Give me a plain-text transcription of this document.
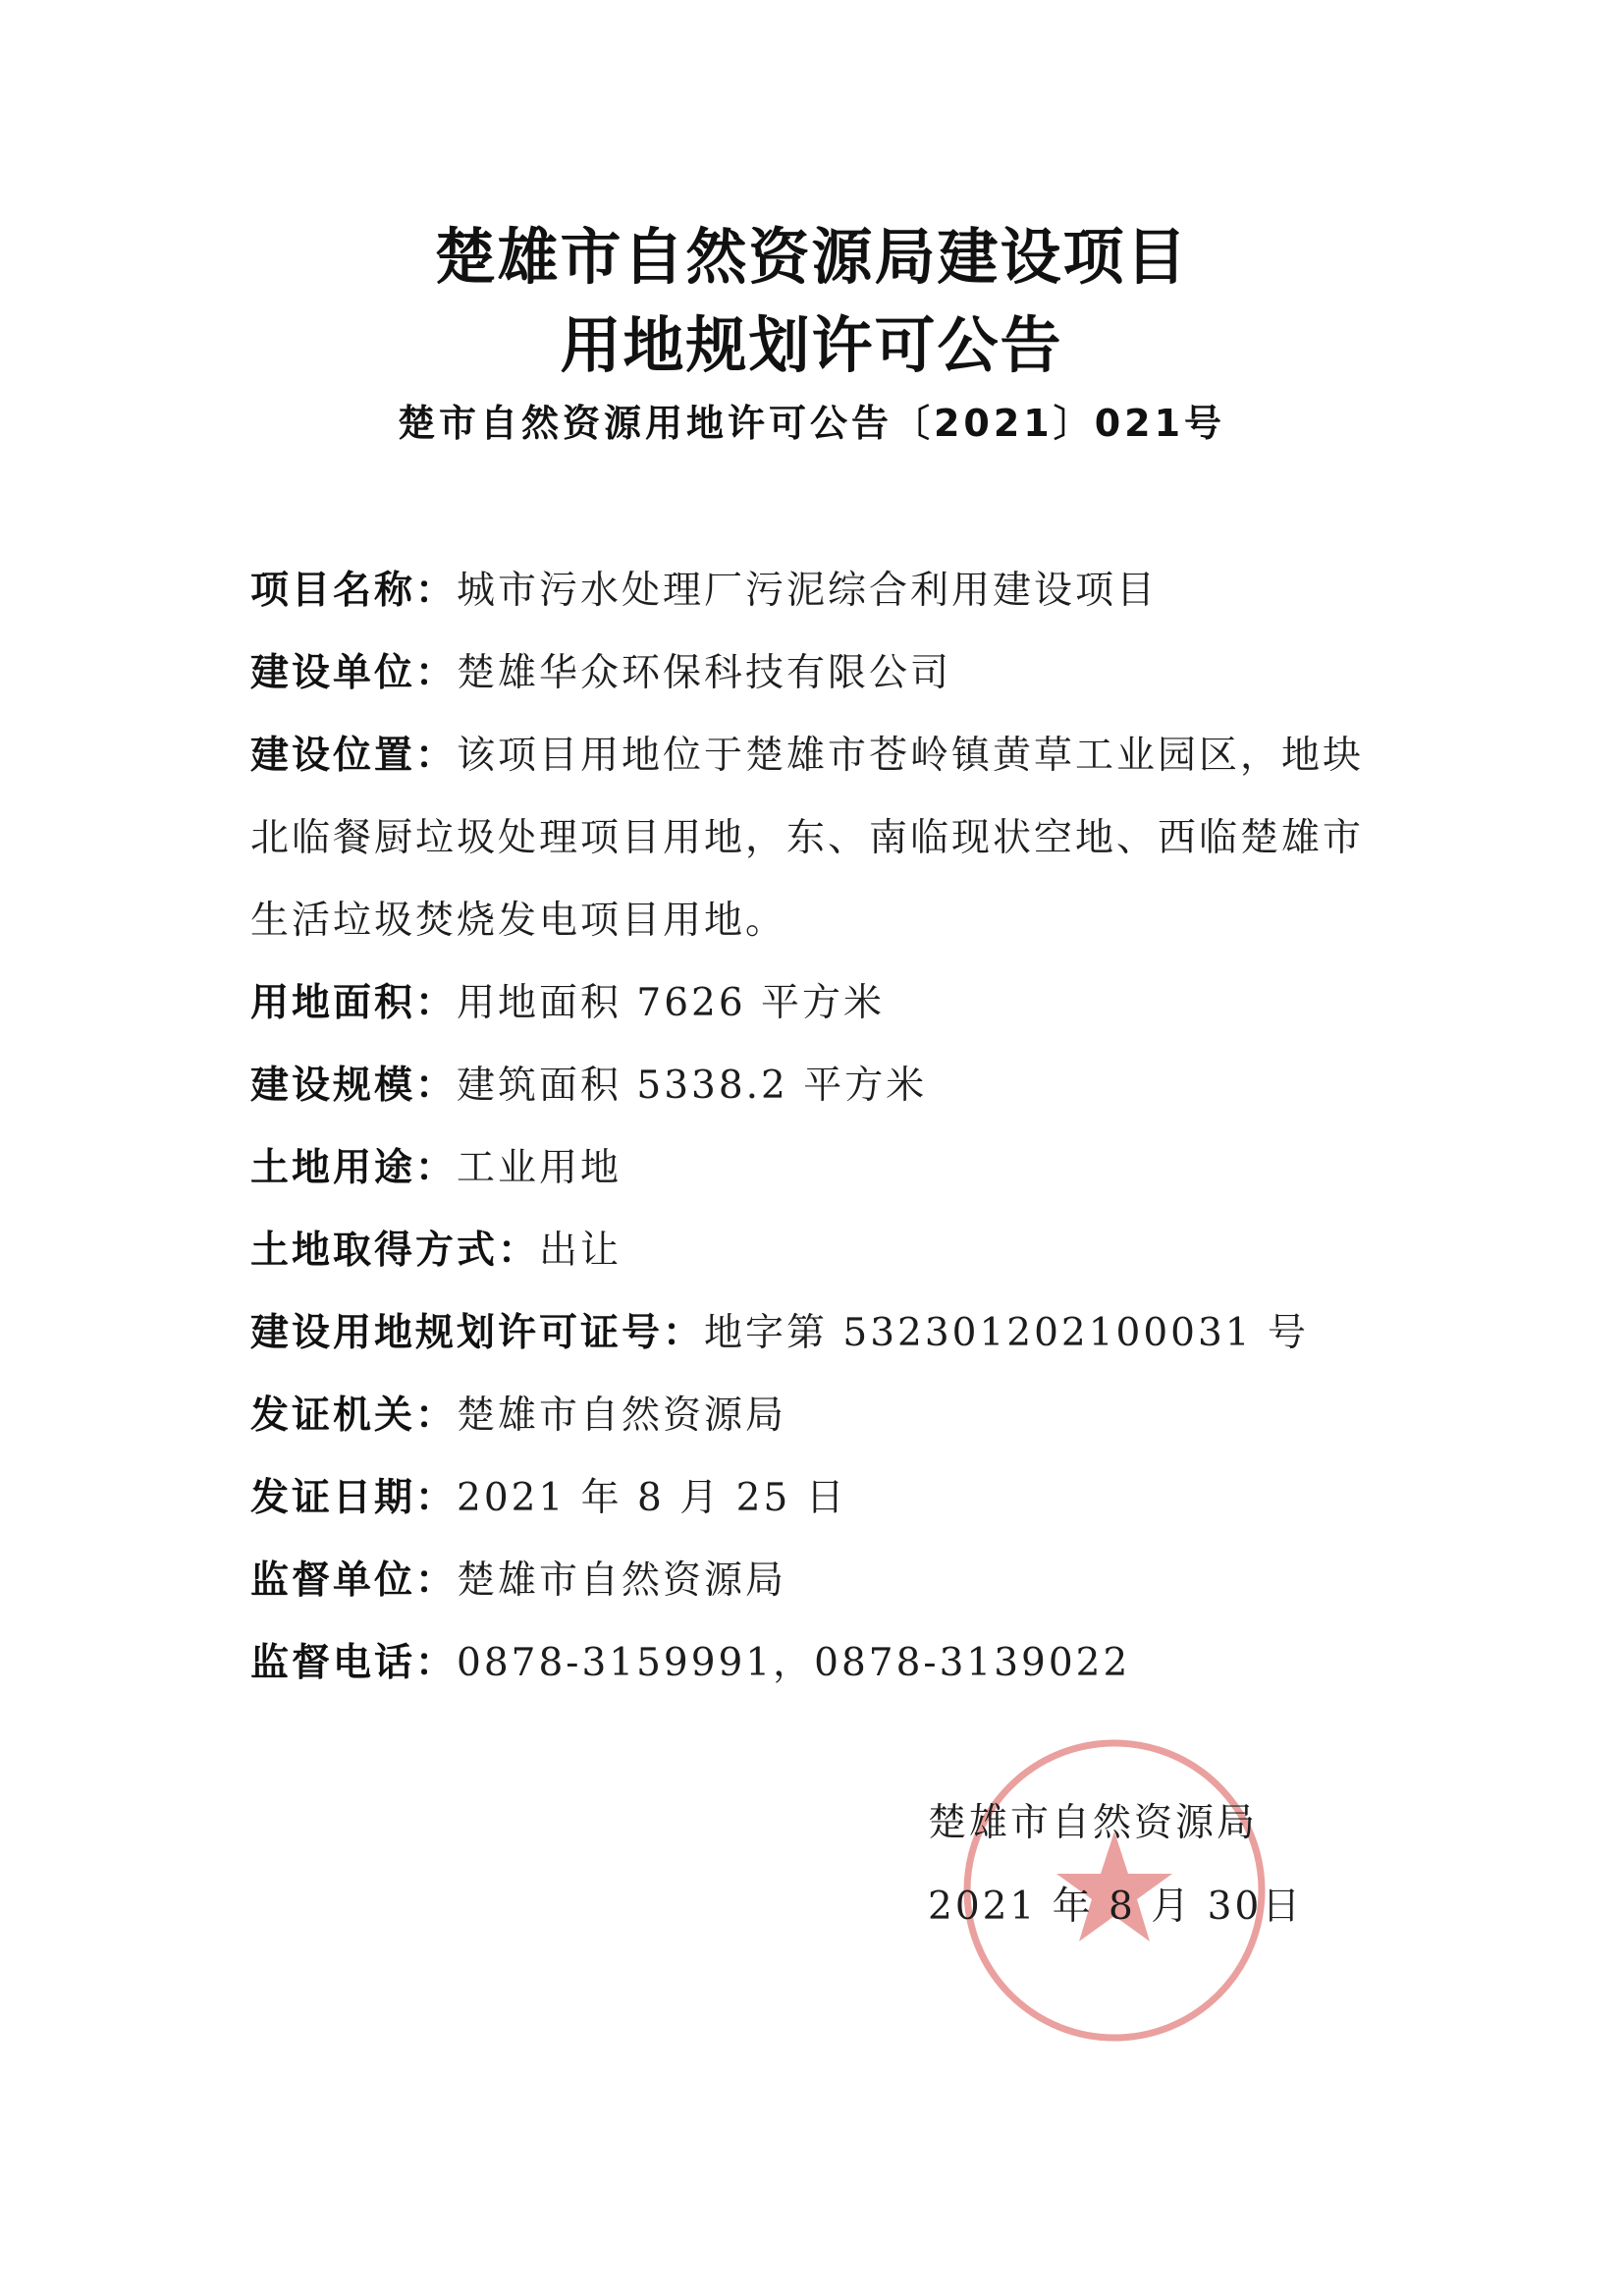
楚雄市自然资源局建设项目
用地规划许可公告
楚市自然资源用地许可公告〔2021〕021号

项目名称：城市污水处理厂污泥综合利用建设项目

建设单位：楚雄华众环保科技有限公司

建设位置：该项目用地位于楚雄市苍岭镇黄草工业园区，地块北临餐厨垃圾处理项目用地，东、南临现状空地、西临楚雄市生活垃圾焚烧发电项目用地。

用地面积：用地面积 7626 平方米

建设规模：建筑面积 5338.2 平方米

土地用途：工业用地

土地取得方式：出让

建设用地规划许可证号：地字第 532301202100031 号

发证机关：楚雄市自然资源局

发证日期：2021 年 8 月 25 日

监督单位：楚雄市自然资源局

监督电话：0878-3159991，0878-3139022

楚雄市自然资源局
2021 年 8 月 30日
